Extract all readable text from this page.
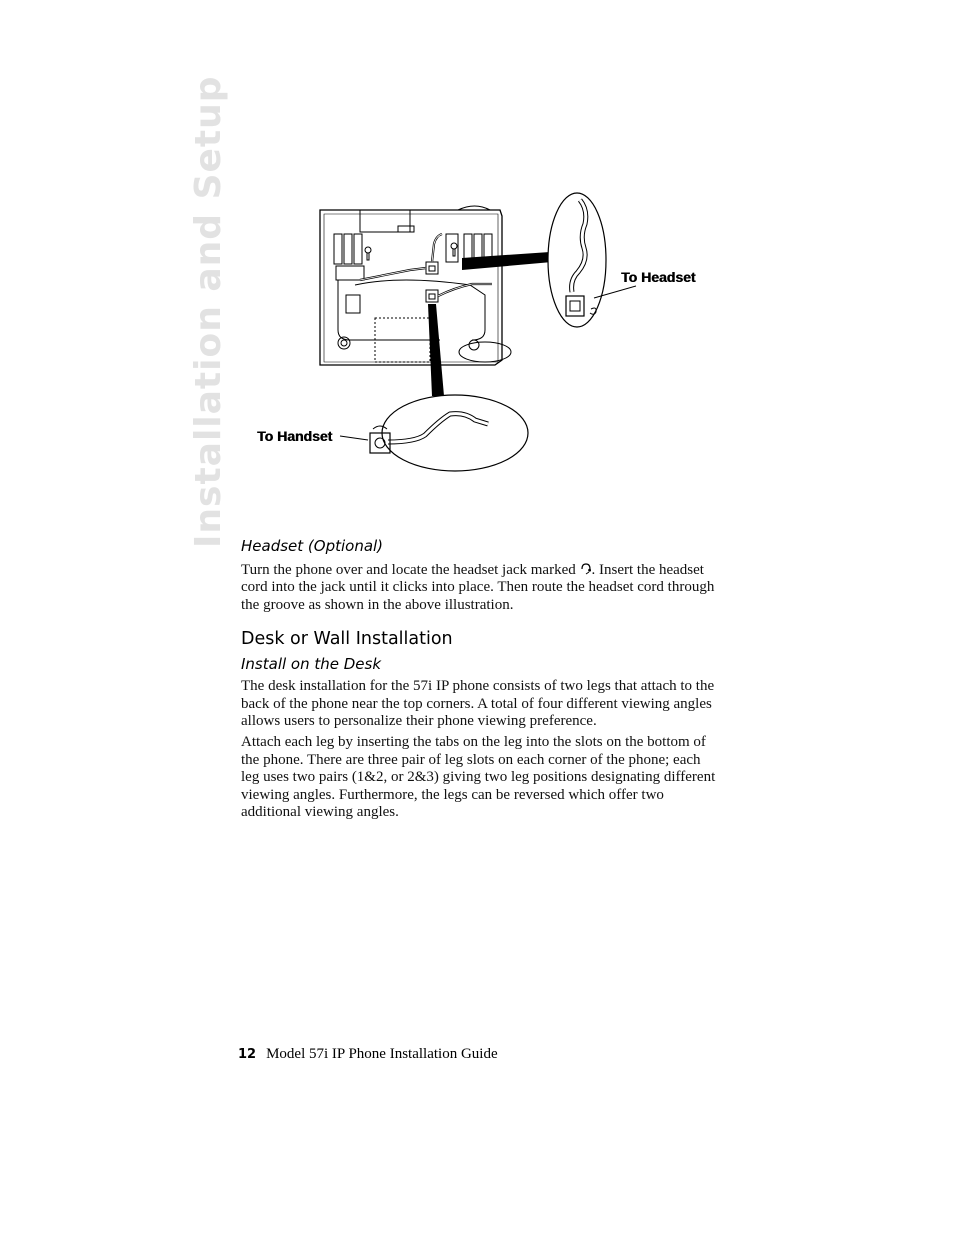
Installation and Setup	To Headset
To Handset
Headset (Optional)

Turn the phone over and locate the headset jack marked . Insert the headset cord into the jack until it clicks into place. Then route the headset cord through the groove as shown in the above illustration.

Desk or Wall Installation
Install on the Desk

The desk installation for the 57i IP phone consists of two legs that attach to the back of the phone near the top corners. A total of four different viewing angles allows users to personalize their phone viewing preference.

Attach each leg by inserting the tabs on the leg into the slots on the bottom of the phone. There are three pair of leg slots on each corner of the phone; each leg uses two pairs (1&2, or 2&3) giving two leg positions designating different viewing angles. Furthermore, the legs can be reversed which offer two additional viewing angles.

12 Model 57i IP Phone Installation Guide
